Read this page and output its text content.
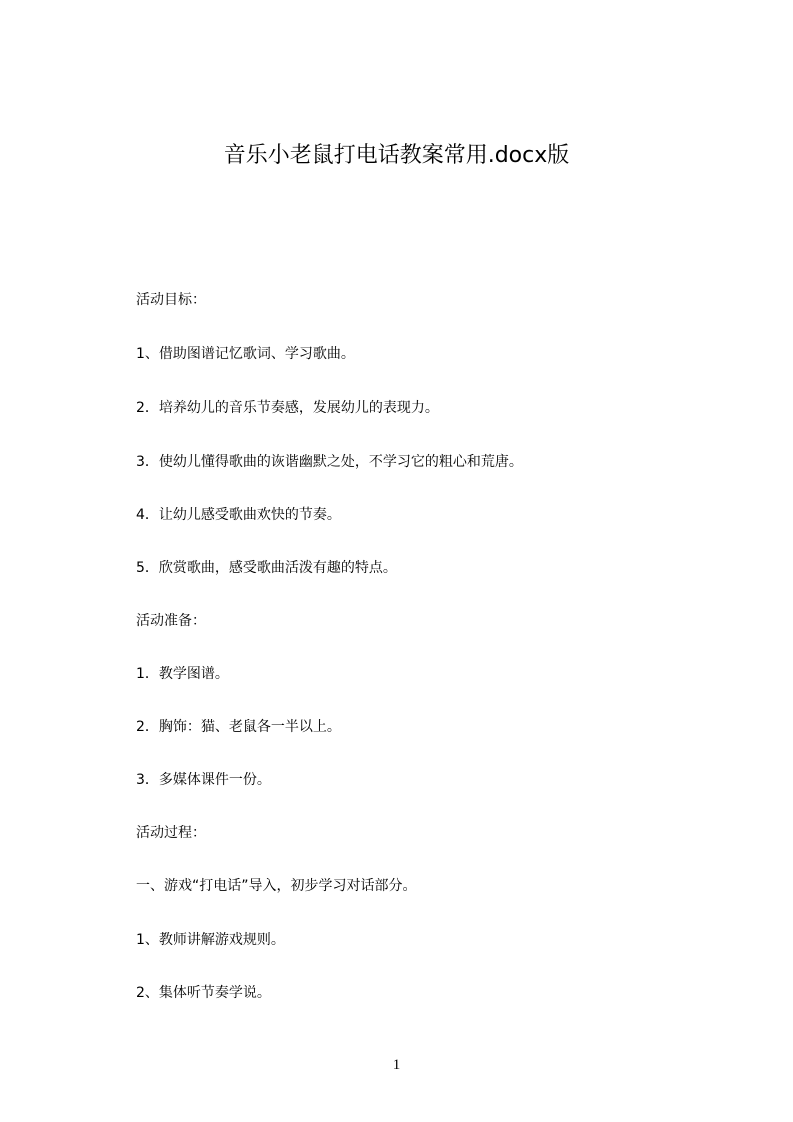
音乐小老鼠打电话教案常用.docx版
活动目标：
1、借助图谱记忆歌词、学习歌曲。
2．培养幼儿的音乐节奏感，发展幼儿的表现力。
3．使幼儿懂得歌曲的诙谐幽默之处，不学习它的粗心和荒唐。
4．让幼儿感受歌曲欢快的节奏。
5．欣赏歌曲，感受歌曲活泼有趣的特点。
活动准备：
1．教学图谱。
2．胸饰：猫、老鼠各一半以上。
3．多媒体课件一份。
活动过程：
一、游戏“打电话”导入，初步学习对话部分。
1、教师讲解游戏规则。
2、集体听节奏学说。
1
